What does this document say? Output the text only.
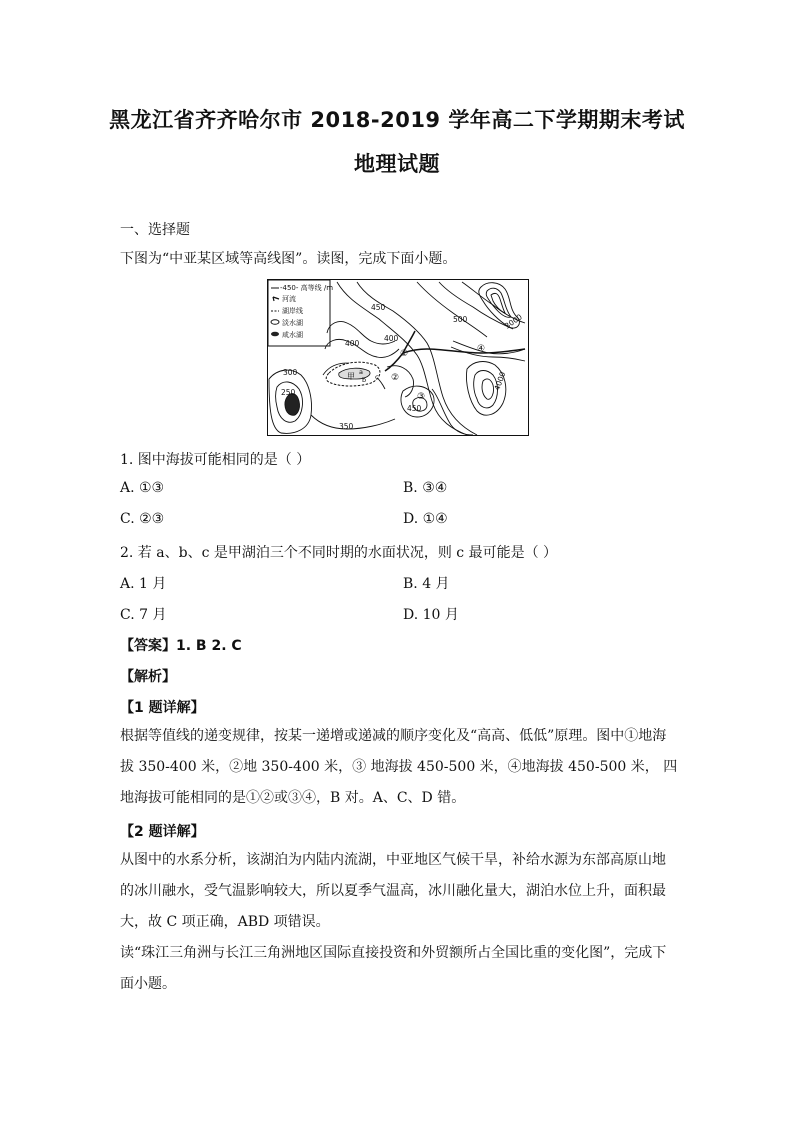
黑龙江省齐齐哈尔市 2018-2019 学年高二下学期期末考试
地理试题
一、选择题
下图为“中亚某区域等高线图”。读图，完成下面小题。
-450- 高等线 /m
河流
湖岸线
淡水湖
咸水湖
450
500	3000
400
400
300
250
350
450
4000
①
②
③
④
甲 a
b c
1. 图中海拔可能相同的是（ ）
A. ①③	B. ③④
C. ②③	D. ①④
2. 若 a、b、c 是甲湖泊三个不同时期的水面状况，则 c 最可能是（ ）
A. 1 月	B. 4 月
C. 7 月	D. 10 月
【答案】1. B 2. C
【解析】
【1 题详解】
根据等值线的递变规律，按某一递增或递减的顺序变化及“高高、低低”原理。图中①地海拔 350-400 米，②地 350-400 米，③ 地海拔 450-500 米，④地海拔 450-500 米， 四地海拔可能相同的是①②或③④，B 对。A、C、D 错。
【2 题详解】
从图中的水系分析，该湖泊为内陆内流湖，中亚地区气候干旱，补给水源为东部高原山地的冰川融水，受气温影响较大，所以夏季气温高，冰川融化量大，湖泊水位上升，面积最大，故 C 项正确，ABD 项错误。
读“珠江三角洲与长江三角洲地区国际直接投资和外贸额所占全国比重的变化图”，完成下面小题。
